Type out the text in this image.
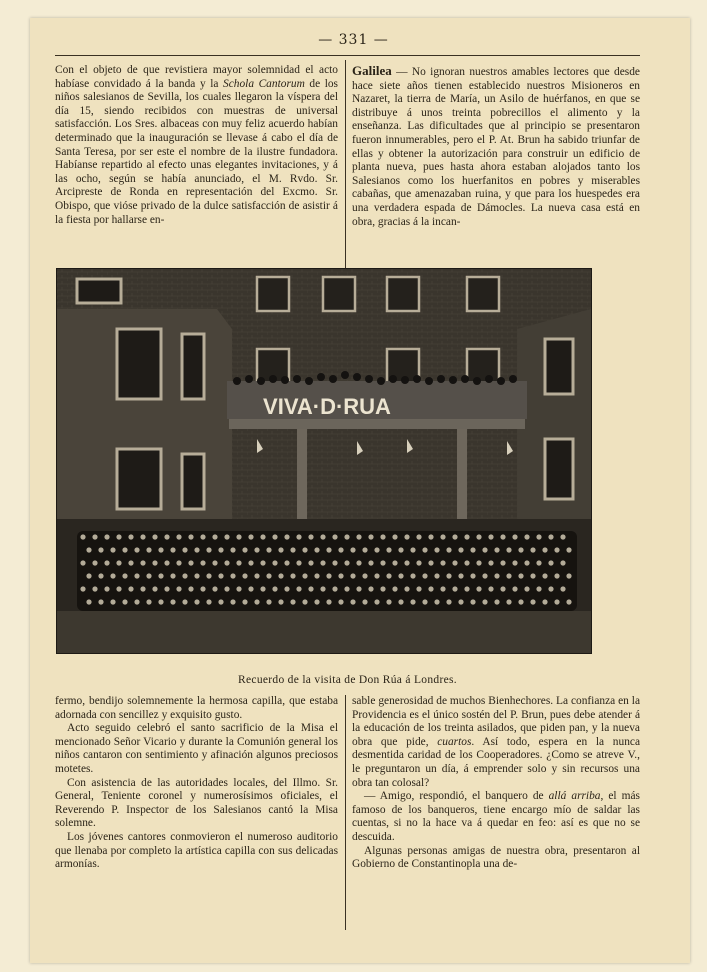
— 331 —

Con el objeto de que revistiera mayor solemnidad el acto habíase convidado á la banda y la Schola Cantorum de los niños salesianos de Sevilla, los cuales llegaron la víspera del día 15, siendo recibidos con muestras de universal satisfacción. Los Sres. albaceas con muy feliz acuerdo habían determinado que la inauguración se llevase á cabo el día de Santa Teresa, por ser este el nombre de la ilustre fundadora. Habíanse repartido al efecto unas elegantes invitaciones, y á las ocho, según se había anunciado, el M. Rvdo. Sr. Arcipreste de Ronda en representación del Excmo. Sr. Obispo, que vióse privado de la dulce satisfacción de asistir á la fiesta por hallarse en-

Galilea — No ignoran nuestros amables lectores que desde hace siete años tienen establecido nuestros Misioneros en Nazaret, la tierra de María, un Asilo de huérfanos, en que se distribuye á unos treinta pobrecillos el alimento y la enseñanza. Las dificultades que al principio se presentaron fueron innumerables, pero el P. At. Brun ha sabido triunfar de ellas y obtener la autorización para construir un edificio de planta nueva, pues hasta ahora estaban alojados tanto los Salesianos como los huerfanitos en pobres y miserables cabañas, que amenazaban ruina, y que para los huespedes era una verdadera espada de Dámocles. La nueva casa está en obra, gracias á la incan-

VIVA·D·RUA
Recuerdo de la visita de Don Rúa á Londres.

fermo, bendijo solemnemente la hermosa capilla, que estaba adornada con sencillez y exquisito gusto.

Acto seguido celebró el santo sacrificio de la Misa el mencionado Señor Vicario y durante la Comunión general los niños cantaron con sentimiento y afinación algunos preciosos motetes.

Con asistencia de las autoridades locales, del Illmo. Sr. General, Teniente coronel y numerosísimos oficiales, el Reverendo P. Inspector de los Salesianos cantó la Misa solemne.

Los jóvenes cantores conmovieron el numeroso auditorio que llenaba por completo la artística capilla con sus delicadas armonías.

sable generosidad de muchos Bienhechores. La confianza en la Providencia es el único sostén del P. Brun, pues debe atender á la educación de los treinta asilados, que piden pan, y la nueva obra que pide, cuartos. Así todo, espera en la nunca desmentida caridad de los Cooperadores. ¿Como se atreve V., le preguntaron un día, á emprender solo y sin recursos una obra tan colosal?

— Amigo, respondió, el banquero de allá arriba, el más famoso de los banqueros, tiene encargo mío de saldar las cuentas, si no la hace va á quedar en feo: así es que no se descuida.

Algunas personas amigas de nuestra obra, presentaron al Gobierno de Constantinopla una de-
